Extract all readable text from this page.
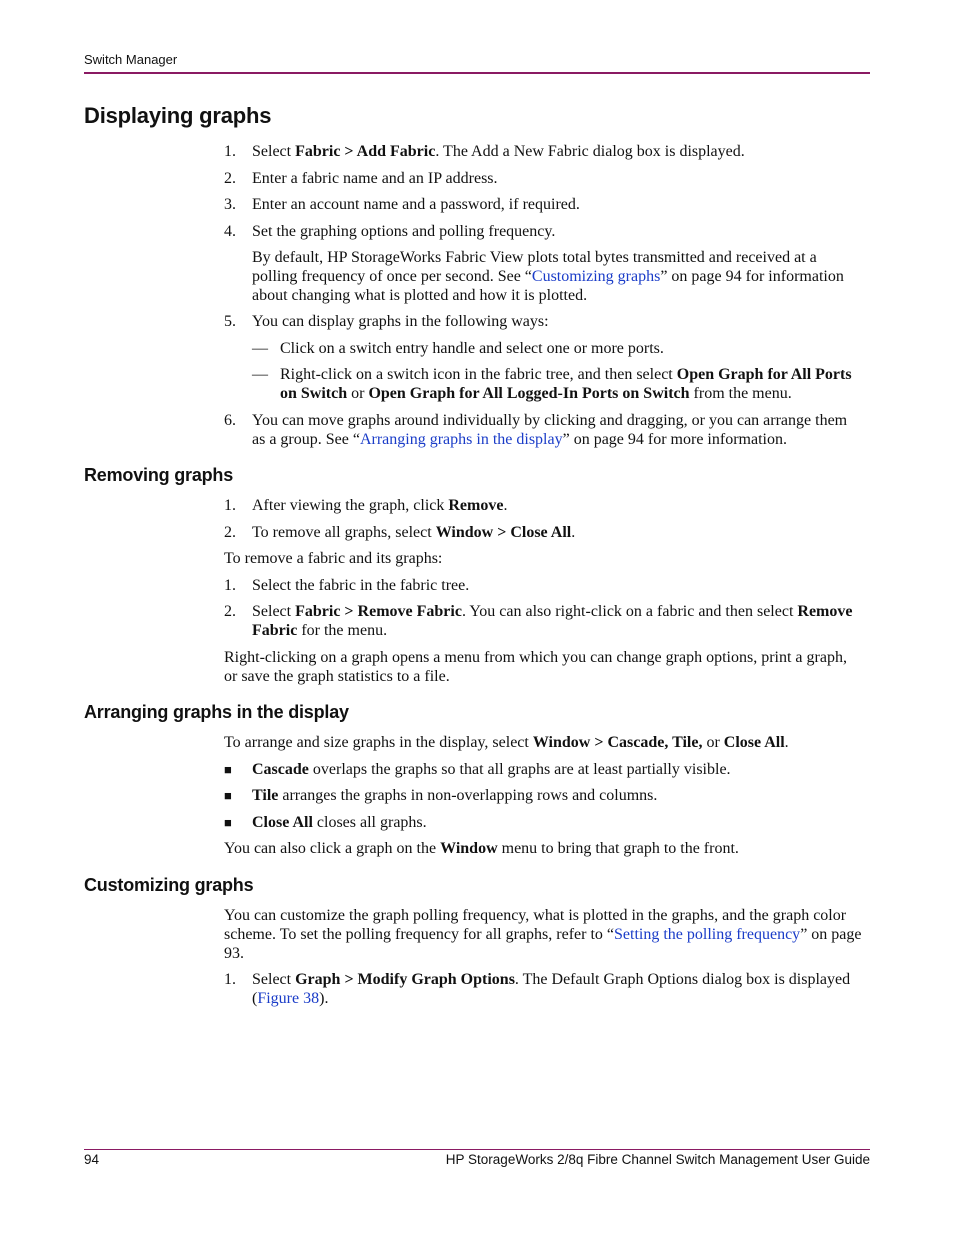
Switch Manager
Displaying graphs
1. Select Fabric > Add Fabric. The Add a New Fabric dialog box is displayed.
2. Enter a fabric name and an IP address.
3. Enter an account name and a password, if required.
4. Set the graphing options and polling frequency.
By default, HP StorageWorks Fabric View plots total bytes transmitted and received at a polling frequency of once per second. See “Customizing graphs” on page 94 for information about changing what is plotted and how it is plotted.
5. You can display graphs in the following ways:
— Click on a switch entry handle and select one or more ports.
— Right-click on a switch icon in the fabric tree, and then select Open Graph for All Ports on Switch or Open Graph for All Logged-In Ports on Switch from the menu.
6. You can move graphs around individually by clicking and dragging, or you can arrange them as a group. See “Arranging graphs in the display” on page 94 for more information.
Removing graphs
1. After viewing the graph, click Remove.
2. To remove all graphs, select Window > Close All.
To remove a fabric and its graphs:
1. Select the fabric in the fabric tree.
2. Select Fabric > Remove Fabric. You can also right-click on a fabric and then select Remove Fabric for the menu.
Right-clicking on a graph opens a menu from which you can change graph options, print a graph, or save the graph statistics to a file.
Arranging graphs in the display
To arrange and size graphs in the display, select Window > Cascade, Tile, or Close All.
■ Cascade overlaps the graphs so that all graphs are at least partially visible.
■ Tile arranges the graphs in non-overlapping rows and columns.
■ Close All closes all graphs.
You can also click a graph on the Window menu to bring that graph to the front.
Customizing graphs
You can customize the graph polling frequency, what is plotted in the graphs, and the graph color scheme. To set the polling frequency for all graphs, refer to “Setting the polling frequency” on page 93.
1. Select Graph > Modify Graph Options. The Default Graph Options dialog box is displayed (Figure 38).
94	HP StorageWorks 2/8q Fibre Channel Switch Management User Guide
